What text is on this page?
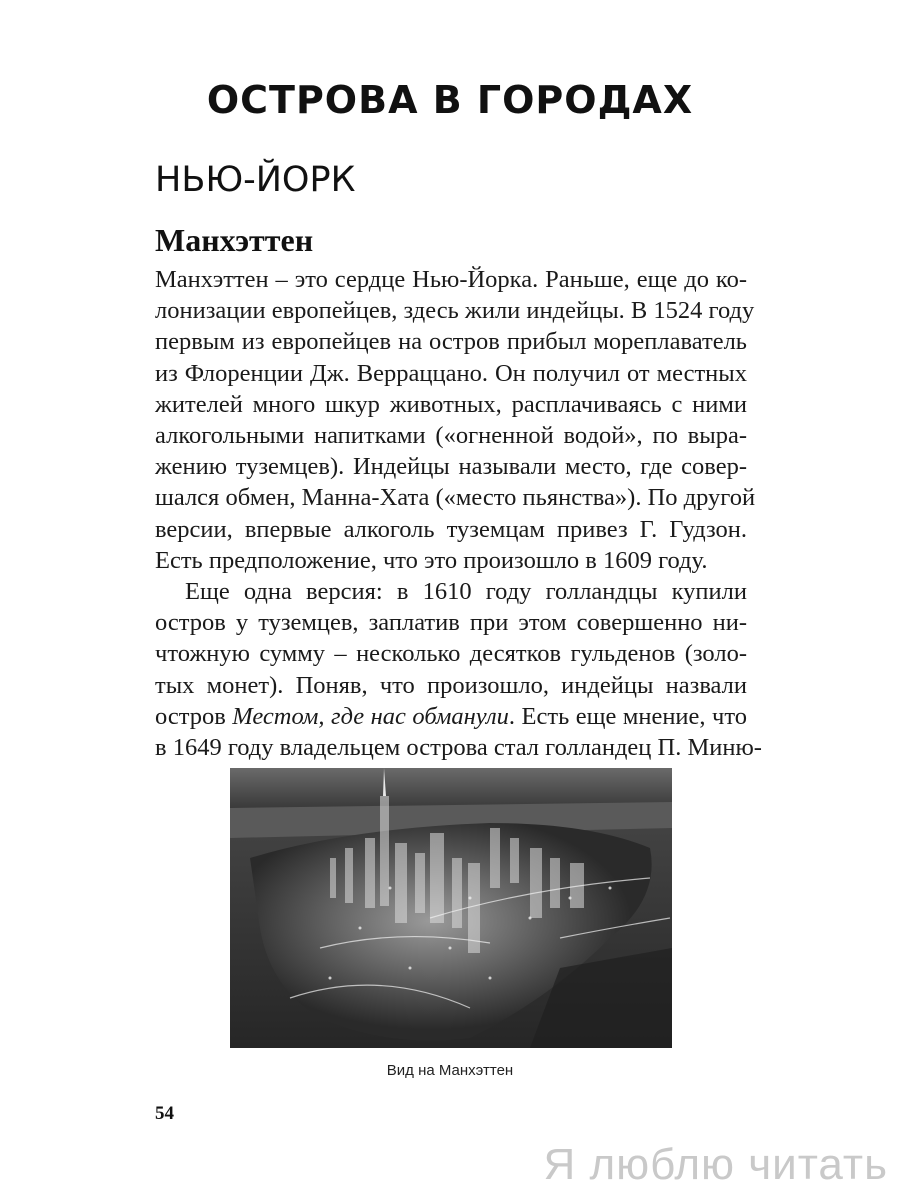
ОСТРОВА В ГОРОДАХ
НЬЮ-ЙОРК
Манхэттен

Манхэттен – это сердце Нью-Йорка. Раньше, еще до ко-
лонизации европейцев, здесь жили индейцы. В 1524 году
первым из европейцев на остров прибыл мореплаватель
из Флоренции Дж. Верраццано. Он получил от местных
жителей много шкур животных, расплачиваясь с ними
алкогольными напитками («огненной водой», по выра-
жению туземцев). Индейцы называли место, где совер-
шался обмен, Манна-Хата («место пьянства»). По другой
версии, впервые алкоголь туземцам привез Г. Гудзон.
Есть предположение, что это произошло в 1609 году.

Еще одна версия: в 1610 году голландцы купили
остров у туземцев, заплатив при этом совершенно ни-
чтожную сумму – несколько десятков гульденов (золо-
тых монет). Поняв, что произошло, индейцы назвали
остров Местом, где нас обманули. Есть еще мнение, что
в 1649 году владельцем острова стал голландец П. Миню-

Вид на Манхэттен
54
Я люблю читать
